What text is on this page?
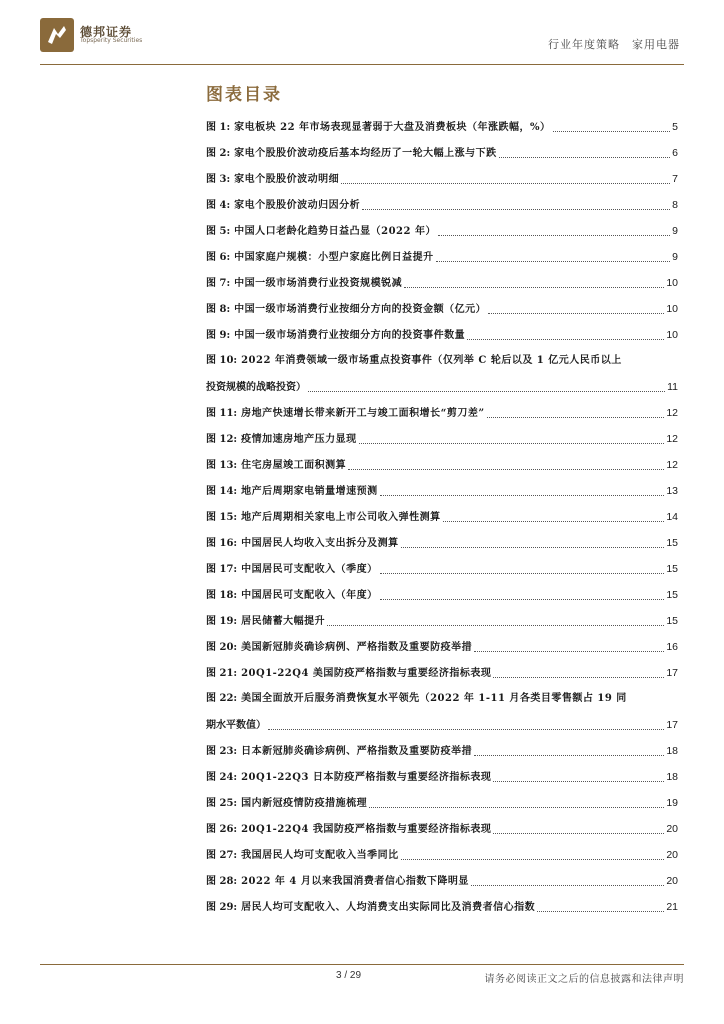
德邦证券
Topsperity Securities	行业年度策略 家用电器
图表目录
图 1: 家电板块 22 年市场表现显著弱于大盘及消费板块（年涨跌幅，%）	5
图 2: 家电个股股价波动疫后基本均经历了一轮大幅上涨与下跌	6
图 3: 家电个股股价波动明细	7
图 4: 家电个股股价波动归因分析	8
图 5: 中国人口老龄化趋势日益凸显（2022 年）	9
图 6: 中国家庭户规模：小型户家庭比例日益提升	9
图 7: 中国一级市场消费行业投资规模锐减	10
图 8: 中国一级市场消费行业按细分方向的投资金额（亿元）	10
图 9: 中国一级市场消费行业按细分方向的投资事件数量	10
图 10: 2022 年消费领域一级市场重点投资事件（仅列举 C 轮后以及 1 亿元人民币以上
投资规模的战略投资）	11
图 11: 房地产快速增长带来新开工与竣工面积增长“剪刀差”	12
图 12: 疫情加速房地产压力显现	12
图 13: 住宅房屋竣工面积测算	12
图 14: 地产后周期家电销量增速预测	13
图 15: 地产后周期相关家电上市公司收入弹性测算	14
图 16: 中国居民人均收入支出拆分及测算	15
图 17: 中国居民可支配收入（季度）	15
图 18: 中国居民可支配收入（年度）	15
图 19: 居民储蓄大幅提升	15
图 20: 美国新冠肺炎确诊病例、严格指数及重要防疫举措	16
图 21: 20Q1-22Q4 美国防疫严格指数与重要经济指标表现	17
图 22: 美国全面放开后服务消费恢复水平领先（2022 年 1-11 月各类目零售额占 19 同
期水平数值）	17
图 23: 日本新冠肺炎确诊病例、严格指数及重要防疫举措	18
图 24: 20Q1-22Q3 日本防疫严格指数与重要经济指标表现	18
图 25: 国内新冠疫情防疫措施梳理	19
图 26: 20Q1-22Q4 我国防疫严格指数与重要经济指标表现	20
图 27: 我国居民人均可支配收入当季同比	20
图 28: 2022 年 4 月以来我国消费者信心指数下降明显	20
图 29: 居民人均可支配收入、人均消费支出实际同比及消费者信心指数	21
3 / 29	请务必阅读正文之后的信息披露和法律声明
